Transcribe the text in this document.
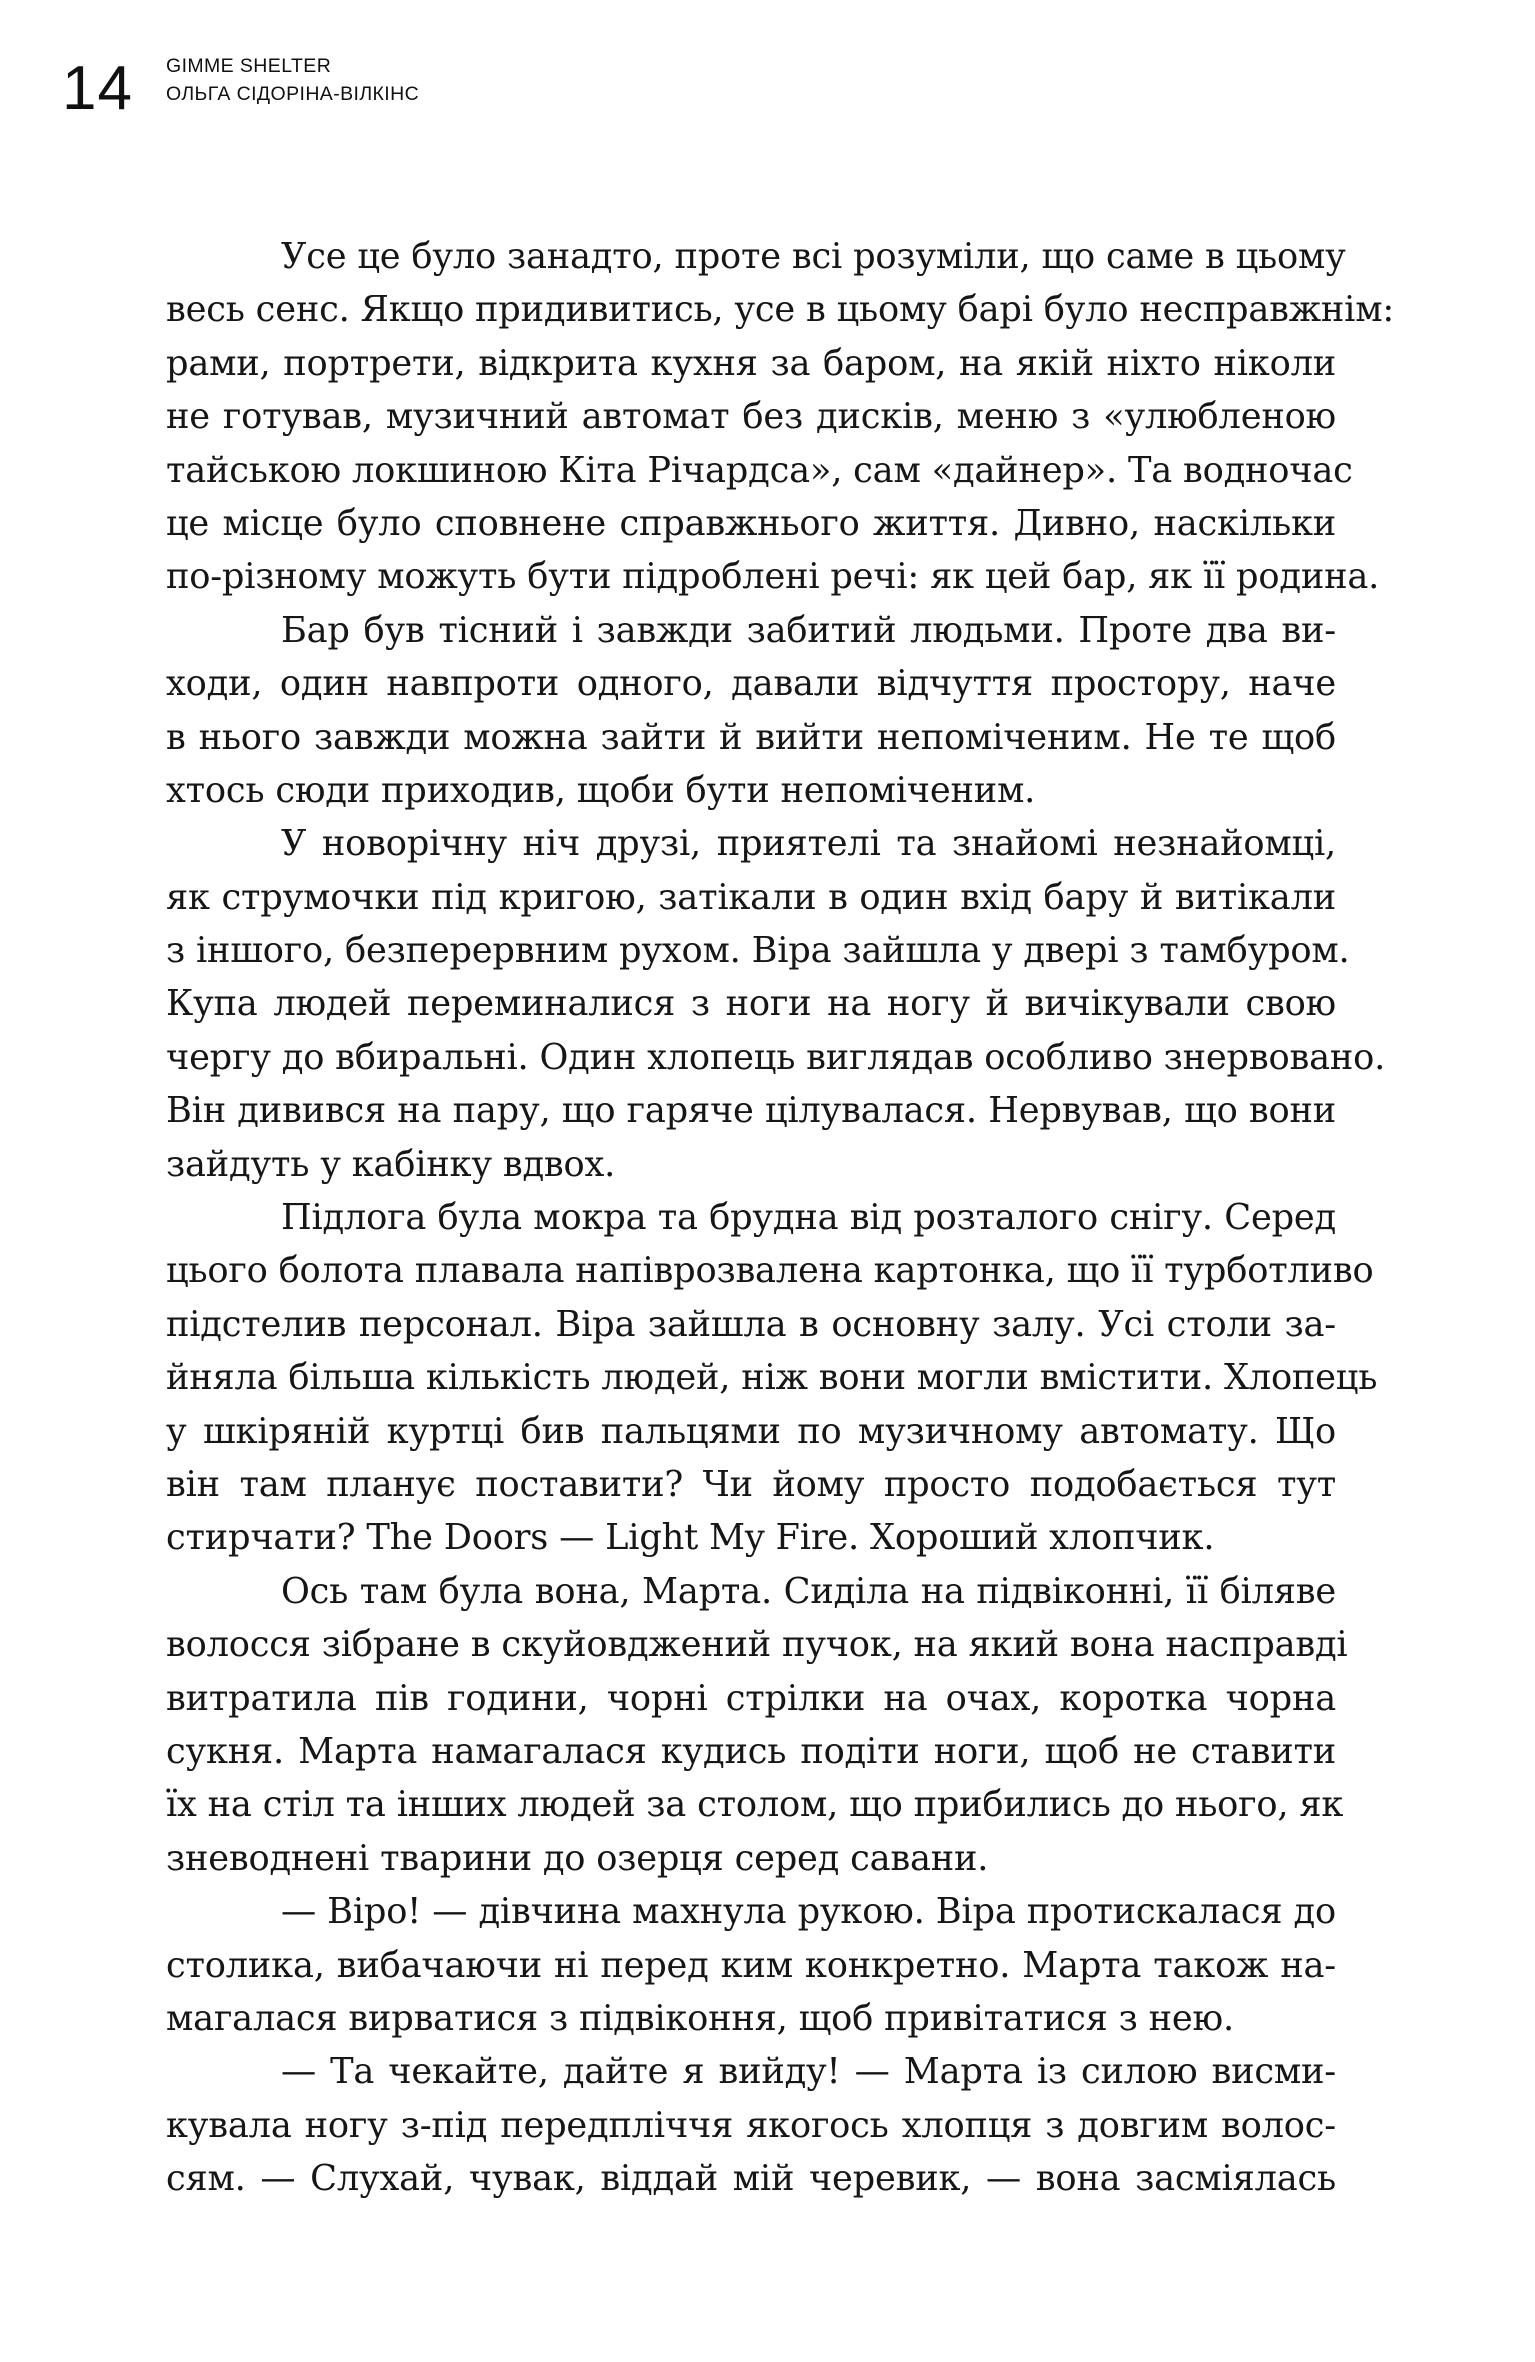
14 GIMME SHELTER
ОЛЬГА СІДОРІНА-ВІЛКІНС
Усе це було занадто, проте всі розуміли, що саме в цьому
весь сенс. Якщо придивитись, усе в цьому барі було несправжнім:
рами, портрети, відкрита кухня за баром, на якій ніхто ніколи
не готував, музичний автомат без дисків, меню з «улюбленою
тайською локшиною Кіта Річардса», сам «дайнер». Та водночас
це місце було сповнене справжнього життя. Дивно, наскільки
по-різному можуть бути підроблені речі: як цей бар, як її родина.
Бар був тісний і завжди забитий людьми. Проте два ви-
ходи, один навпроти одного, давали відчуття простору, наче
в нього завжди можна зайти й вийти непоміченим. Не те щоб
хтось сюди приходив, щоби бути непоміченим.
У новорічну ніч друзі, приятелі та знайомі незнайомці,
як струмочки під кригою, затікали в один вхід бару й витікали
з іншого, безперервним рухом. Віра зайшла у двері з тамбуром.
Купа людей переминалися з ноги на ногу й вичікували свою
чергу до вбиральні. Один хлопець виглядав особливо знервовано.
Він дивився на пару, що гаряче цілувалася. Нервував, що вони
зайдуть у кабінку вдвох.
Підлога була мокра та брудна від розталого снігу. Серед
цього болота плавала напіврозвалена картонка, що її турботливо
підстелив персонал. Віра зайшла в основну залу. Усі столи за-
йняла більша кількість людей, ніж вони могли вмістити. Хлопець
у шкіряній куртці бив пальцями по музичному автомату. Що
він там планує поставити? Чи йому просто подобається тут
стирчати? The Doors — Light My Fire. Хороший хлопчик.
Ось там була вона, Марта. Сиділа на підвіконні, її біляве
волосся зібране в скуйовджений пучок, на який вона насправді
витратила пів години, чорні стрілки на очах, коротка чорна
сукня. Марта намагалася кудись подіти ноги, щоб не ставити
їх на стіл та інших людей за столом, що прибились до нього, як
зневоднені тварини до озерця серед савани.
— Віро! — дівчина махнула рукою. Віра протискалася до
столика, вибачаючи ні перед ким конкретно. Марта також на-
магалася вирватися з підвіконня, щоб привітатися з нею.
— Та чекайте, дайте я вийду! — Марта із силою висми-
кувала ногу з-під передпліччя якогось хлопця з довгим волос-
сям. — Слухай, чувак, віддай мій черевик, — вона засміялась
